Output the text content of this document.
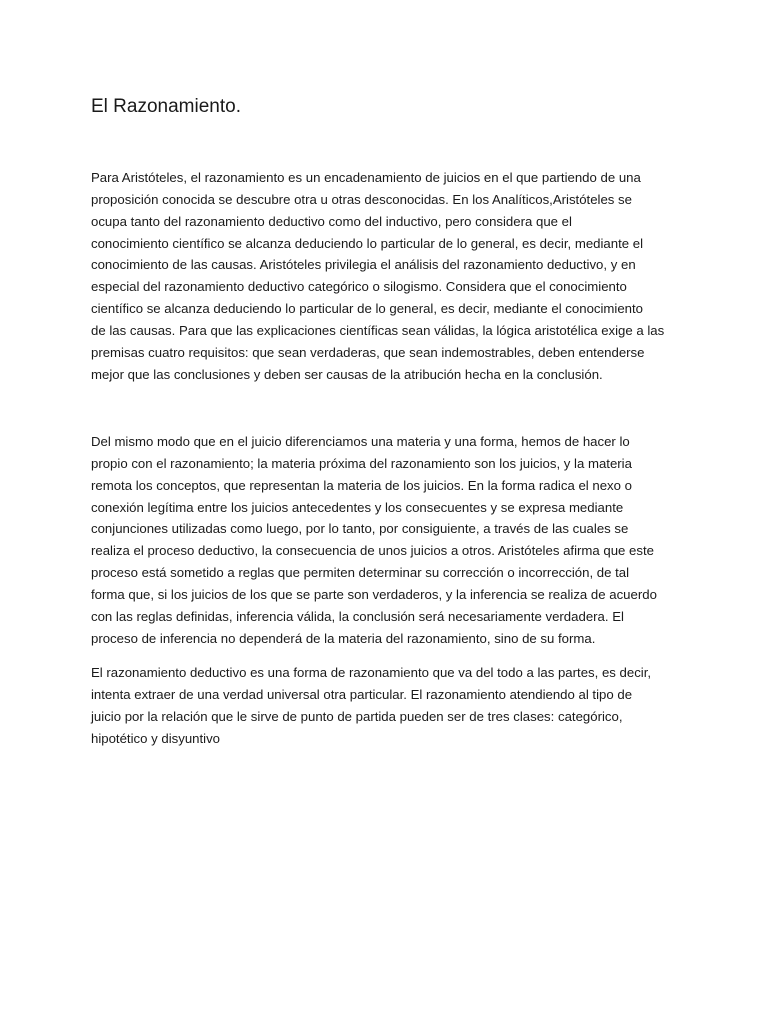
El Razonamiento.

Para Aristóteles, el razonamiento es un encadenamiento de juicios en el que partiendo de una
proposición conocida se descubre otra u otras desconocidas. En los Analíticos,Aristóteles se
ocupa tanto del razonamiento deductivo como del inductivo, pero considera que el
conocimiento científico se alcanza deduciendo lo particular de lo general, es decir, mediante el
conocimiento de las causas. Aristóteles privilegia el análisis del razonamiento deductivo, y en
especial del razonamiento deductivo categórico o silogismo. Considera que el conocimiento
científico se alcanza deduciendo lo particular de lo general, es decir, mediante el conocimiento
de las causas. Para que las explicaciones científicas sean válidas, la lógica aristotélica exige a las
premisas cuatro requisitos: que sean verdaderas, que sean indemostrables, deben entenderse
mejor que las conclusiones y deben ser causas de la atribución hecha en la conclusión.

Del mismo modo que en el juicio diferenciamos una materia y una forma, hemos de hacer lo
propio con el razonamiento; la materia próxima del razonamiento son los juicios, y la materia
remota los conceptos, que representan la materia de los juicios. En la forma radica el nexo o
conexión legítima entre los juicios antecedentes y los consecuentes y se expresa mediante
conjunciones utilizadas como luego, por lo tanto, por consiguiente, a través de las cuales se
realiza el proceso deductivo, la consecuencia de unos juicios a otros. Aristóteles afirma que este
proceso está sometido a reglas que permiten determinar su corrección o incorrección, de tal
forma que, si los juicios de los que se parte son verdaderos, y la inferencia se realiza de acuerdo
con las reglas definidas, inferencia válida, la conclusión será necesariamente verdadera. El
proceso de inferencia no dependerá de la materia del razonamiento, sino de su forma.

El razonamiento deductivo es una forma de razonamiento que va del todo a las partes, es decir,
intenta extraer de una verdad universal otra particular. El razonamiento atendiendo al tipo de
juicio por la relación que le sirve de punto de partida pueden ser de tres clases: categórico,
hipotético y disyuntivo
